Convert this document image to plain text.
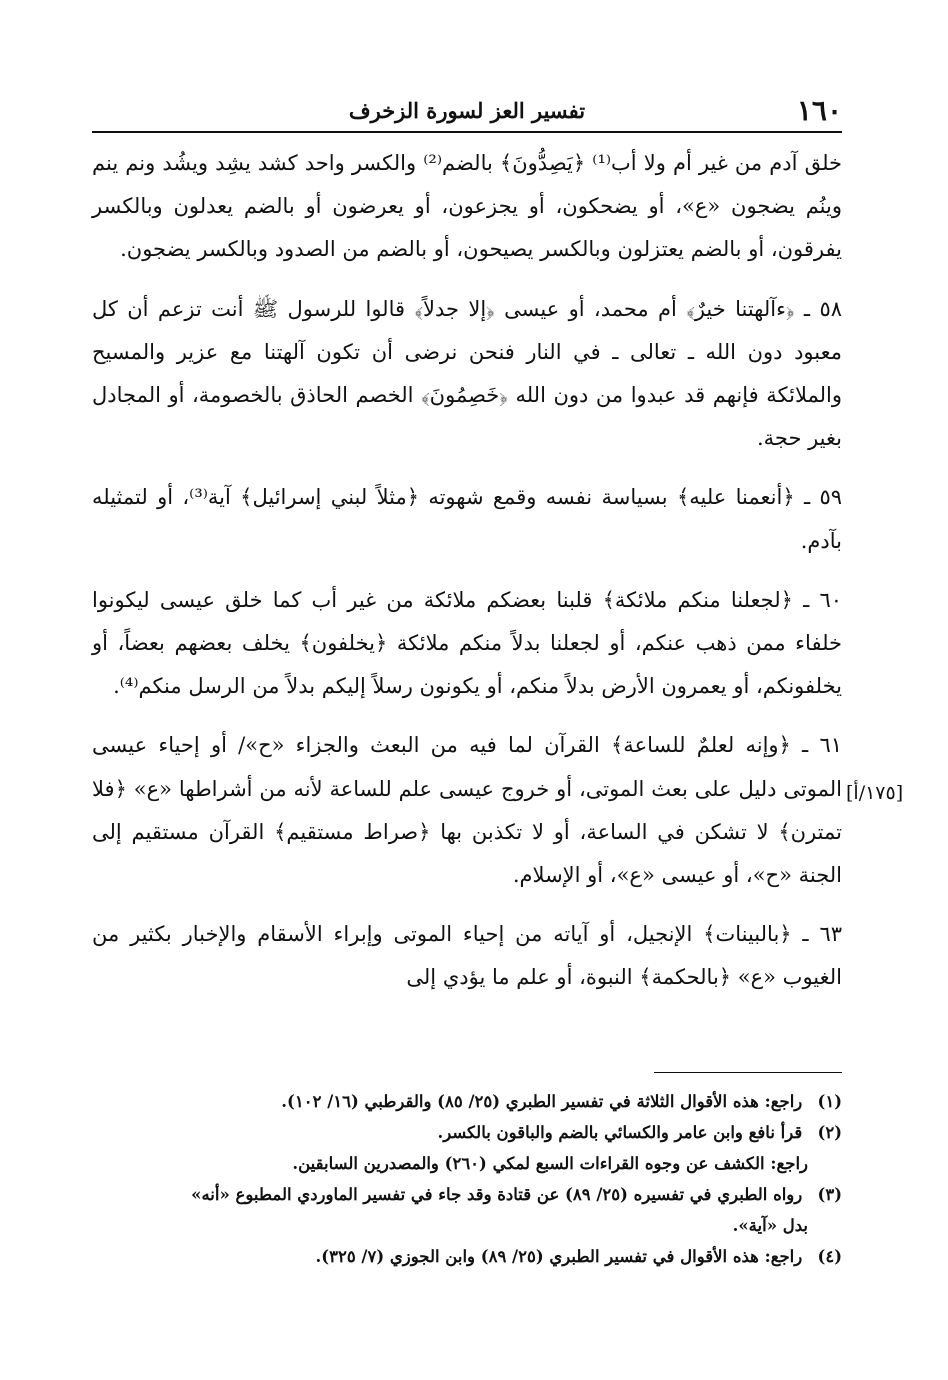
١٦٠
تفسير العز لسورة الزخرف
[١٧٥/أ]

خلق آدم من غير أم ولا أب⁽¹⁾ ﴿يَصِدُّونَ﴾ بالضم⁽²⁾ والكسر واحد كشد يشِد ويشُد ونم ينم وينُم يضجون «ع»، أو يضحكون، أو يجزعون، أو يعرضون أو بالضم يعدلون وبالكسر يفرقون، أو بالضم يعتزلون وبالكسر يصيحون، أو بالضم من الصدود وبالكسر يضجون.

٥٨ ـ ﴿ءآلهتنا خيرٌ﴾ أم محمد، أو عيسى ﴿إلا جدلاً﴾ قالوا للرسول ﷺ أنت تزعم أن كل معبود دون الله ـ تعالى ـ في النار فنحن نرضى أن تكون آلهتنا مع عزير والمسيح والملائكة فإنهم قد عبدوا من دون الله ﴿خَصِمُونَ﴾ الخصم الحاذق بالخصومة، أو المجادل بغير حجة.

٥٩ ـ ﴿أنعمنا عليه﴾ بسياسة نفسه وقمع شهوته ﴿مثلاً لبني إسرائيل﴾ آية⁽³⁾، أو لتمثيله بآدم.

٦٠ ـ ﴿لجعلنا منكم ملائكة﴾ قلبنا بعضكم ملائكة من غير أب كما خلق عيسى ليكونوا خلفاء ممن ذهب عنكم، أو لجعلنا بدلاً منكم ملائكة ﴿يخلفون﴾ يخلف بعضهم بعضاً، أو يخلفونكم، أو يعمرون الأرض بدلاً منكم، أو يكونون رسلاً إليكم بدلاً من الرسل منكم⁽⁴⁾.

٦١ ـ ﴿وإنه لعلمٌ للساعة﴾ القرآن لما فيه من البعث والجزاء «ح»/ أو إحياء عيسى الموتى دليل على بعث الموتى، أو خروج عيسى علم للساعة لأنه من أشراطها «ع» ﴿فلا تمترن﴾ لا تشكن في الساعة، أو لا تكذبن بها ﴿صراط مستقيم﴾ القرآن مستقيم إلى الجنة «ح»، أو عيسى «ع»، أو الإسلام.

٦٣ ـ ﴿بالبينات﴾ الإنجيل، أو آياته من إحياء الموتى وإبراء الأسقام والإخبار بكثير من الغيوب «ع» ﴿بالحكمة﴾ النبوة، أو علم ما يؤدي إلى

(١) راجع: هذه الأقوال الثلاثة في تفسير الطبري (٢٥/ ٨٥) والقرطبي (١٦/ ١٠٢).

(٢) قرأ نافع وابن عامر والكسائي بالضم والباقون بالكسر.

راجع: الكشف عن وجوه القراءات السبع لمكي (٢٦٠) والمصدرين السابقين.

(٣) رواه الطبري في تفسيره (٢٥/ ٨٩) عن قتادة وقد جاء في تفسير الماوردي المطبوع «أنه»

بدل «آية».

(٤) راجع: هذه الأقوال في تفسير الطبري (٢٥/ ٨٩) وابن الجوزي (٧/ ٣٢٥).
